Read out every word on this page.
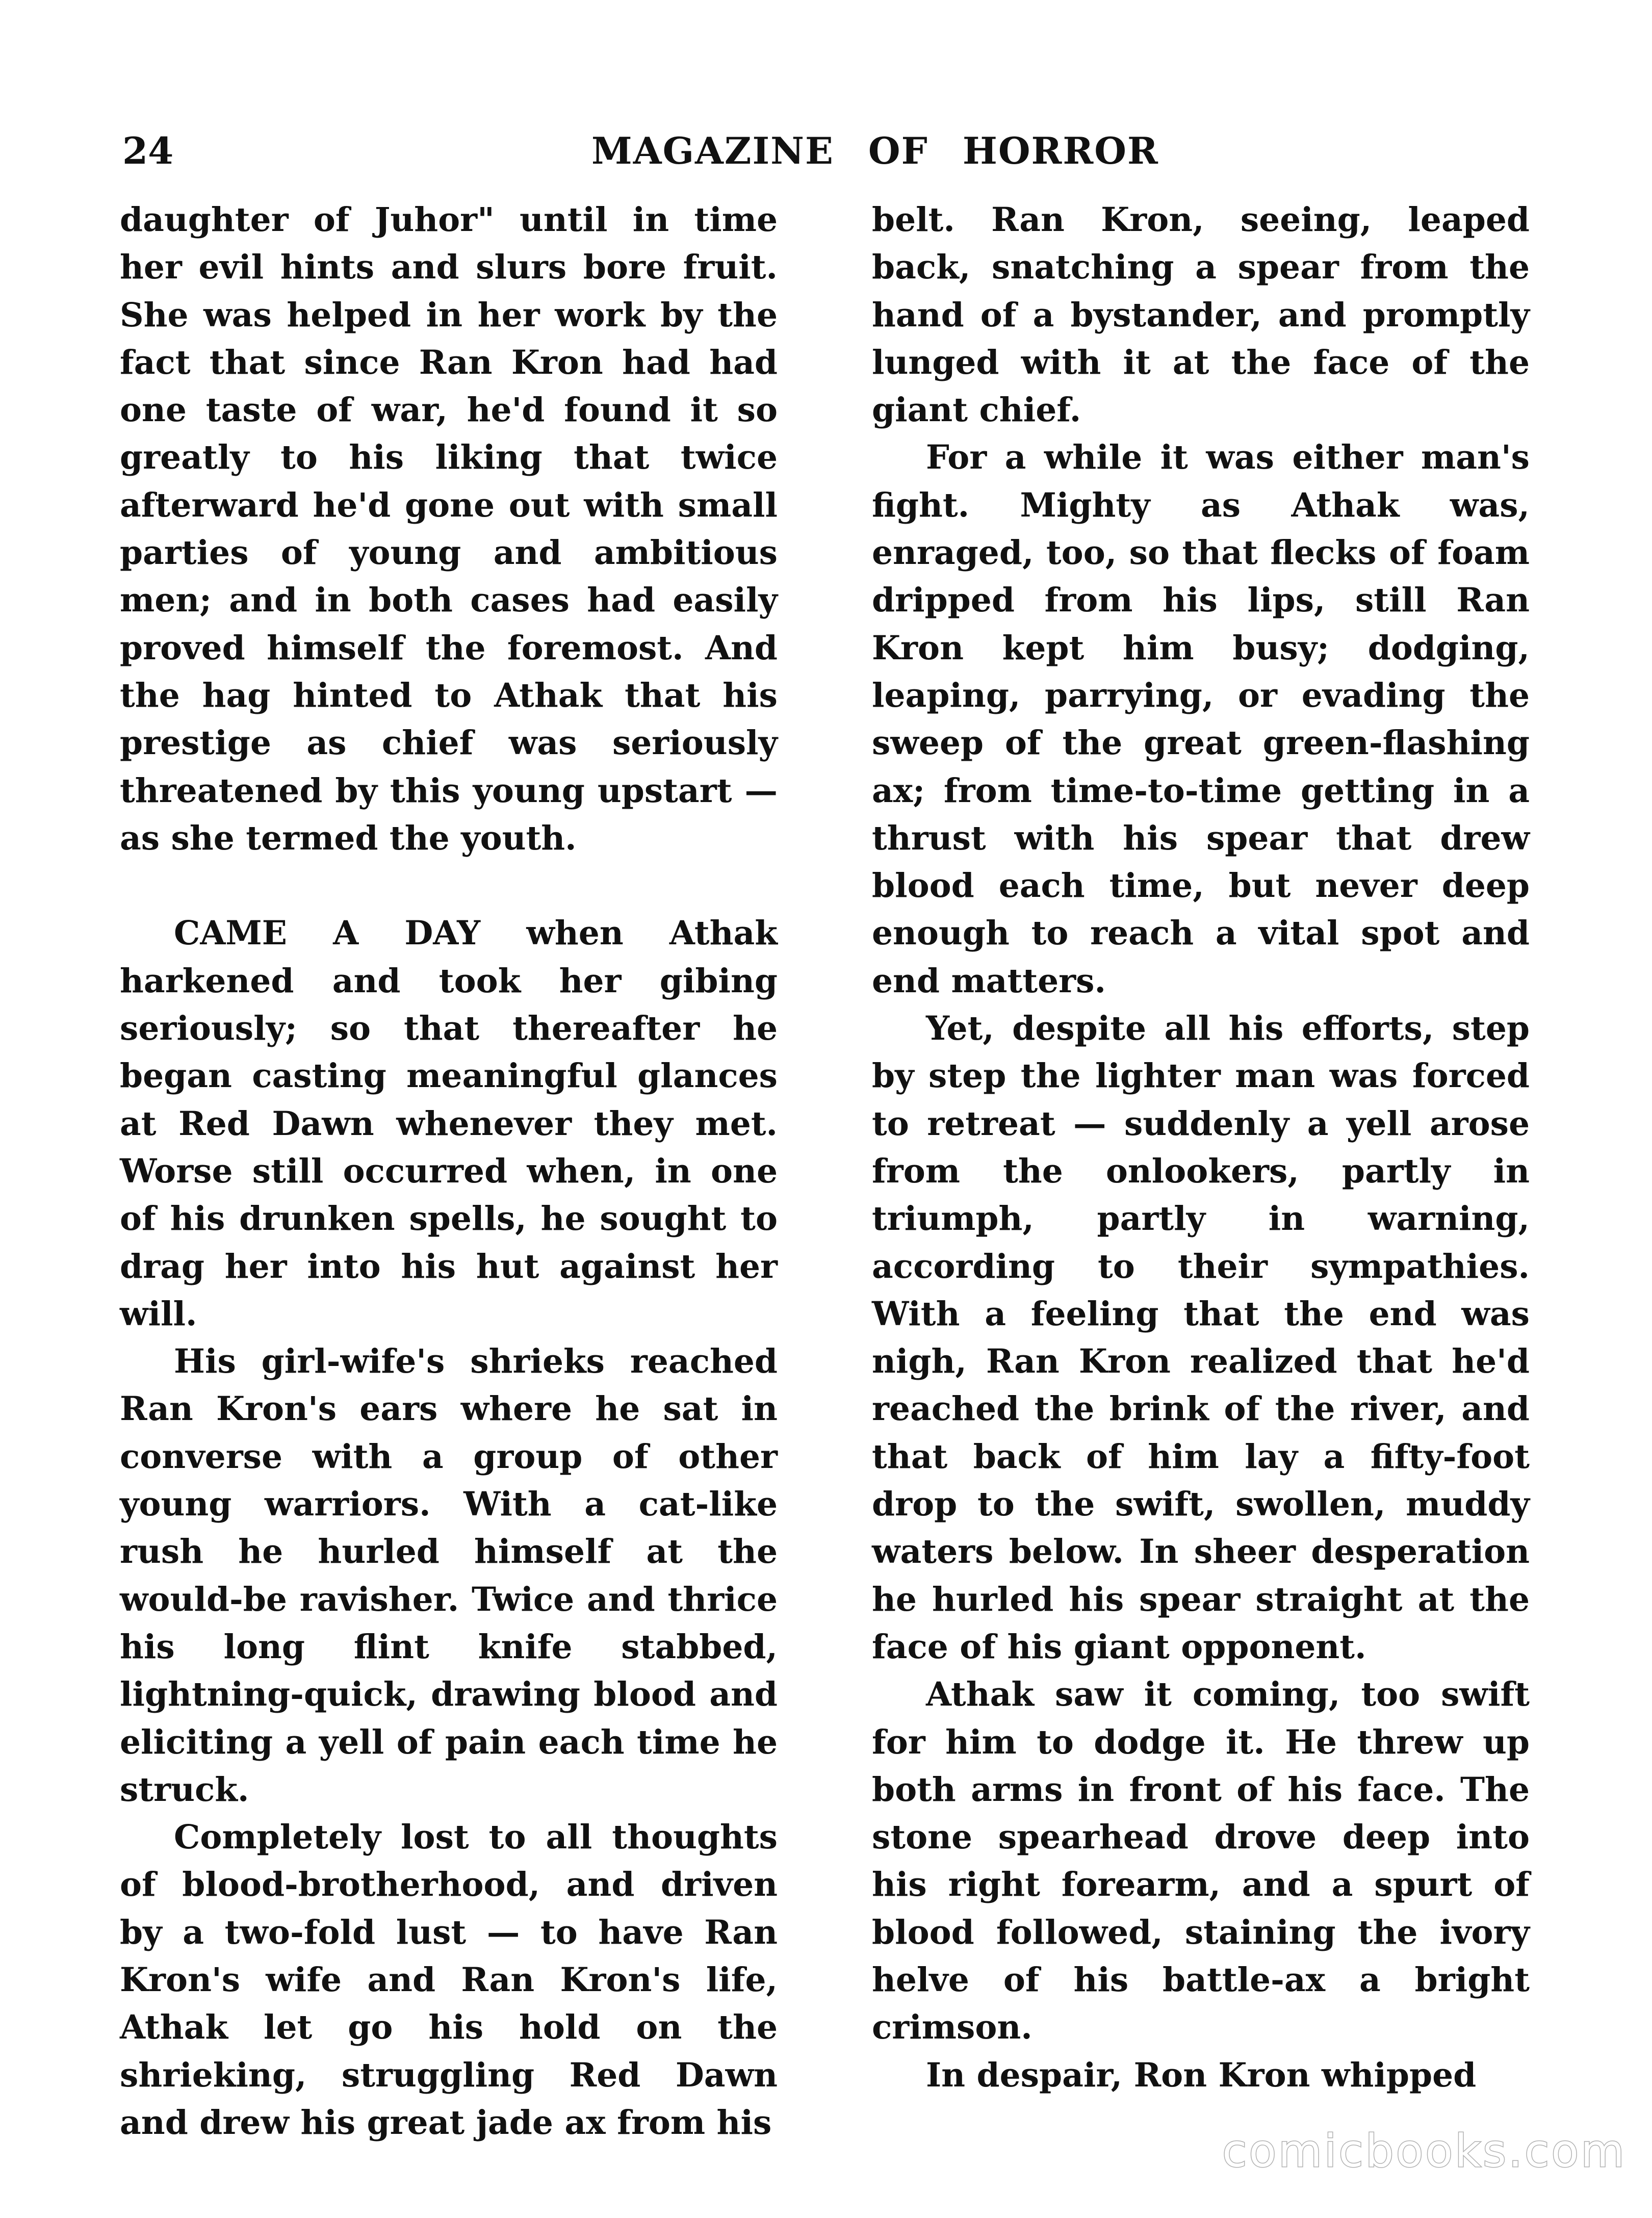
24	MAGAZINE OF HORROR

daughter of Juhor" until in time her evil hints and slurs bore fruit. She was helped in her work by the fact that since Ran Kron had had one taste of war, he'd found it so greatly to his liking that twice afterward he'd gone out with small parties of young and ambitious men; and in both cases had easily proved himself the foremost. And the hag hinted to Athak that his prestige as chief was seriously threatened by this young upstart — as she termed the youth.

CAME A DAY when Athak harkened and took her gibing seriously; so that thereafter he began casting meaningful glances at Red Dawn whenever they met. Worse still occurred when, in one of his drunken spells, he sought to drag her into his hut against her will.

His girl-wife's shrieks reached Ran Kron's ears where he sat in converse with a group of other young warriors. With a cat-like rush he hurled himself at the would-be ravisher. Twice and thrice his long flint knife stabbed, lightning-quick, drawing blood and eliciting a yell of pain each time he struck.

Completely lost to all thoughts of blood-brotherhood, and driven by a two-fold lust — to have Ran Kron's wife and Ran Kron's life, Athak let go his hold on the shrieking, struggling Red Dawn and drew his great jade ax from his

belt. Ran Kron, seeing, leaped back, snatching a spear from the hand of a bystander, and promptly lunged with it at the face of the giant chief.

For a while it was either man's fight. Mighty as Athak was, enraged, too, so that flecks of foam dripped from his lips, still Ran Kron kept him busy; dodging, leaping, parrying, or evading the sweep of the great green-flashing ax; from time-to-time getting in a thrust with his spear that drew blood each time, but never deep enough to reach a vital spot and end matters.

Yet, despite all his efforts, step by step the lighter man was forced to retreat — suddenly a yell arose from the onlookers, partly in triumph, partly in warning, according to their sympathies. With a feeling that the end was nigh, Ran Kron realized that he'd reached the brink of the river, and that back of him lay a fifty-foot drop to the swift, swollen, muddy waters below. In sheer desperation he hurled his spear straight at the face of his giant opponent.

Athak saw it coming, too swift for him to dodge it. He threw up both arms in front of his face. The stone spearhead drove deep into his right forearm, and a spurt of blood followed, staining the ivory helve of his battle-ax a bright crimson.

In despair, Ron Kron whipped

comicbooks.com
